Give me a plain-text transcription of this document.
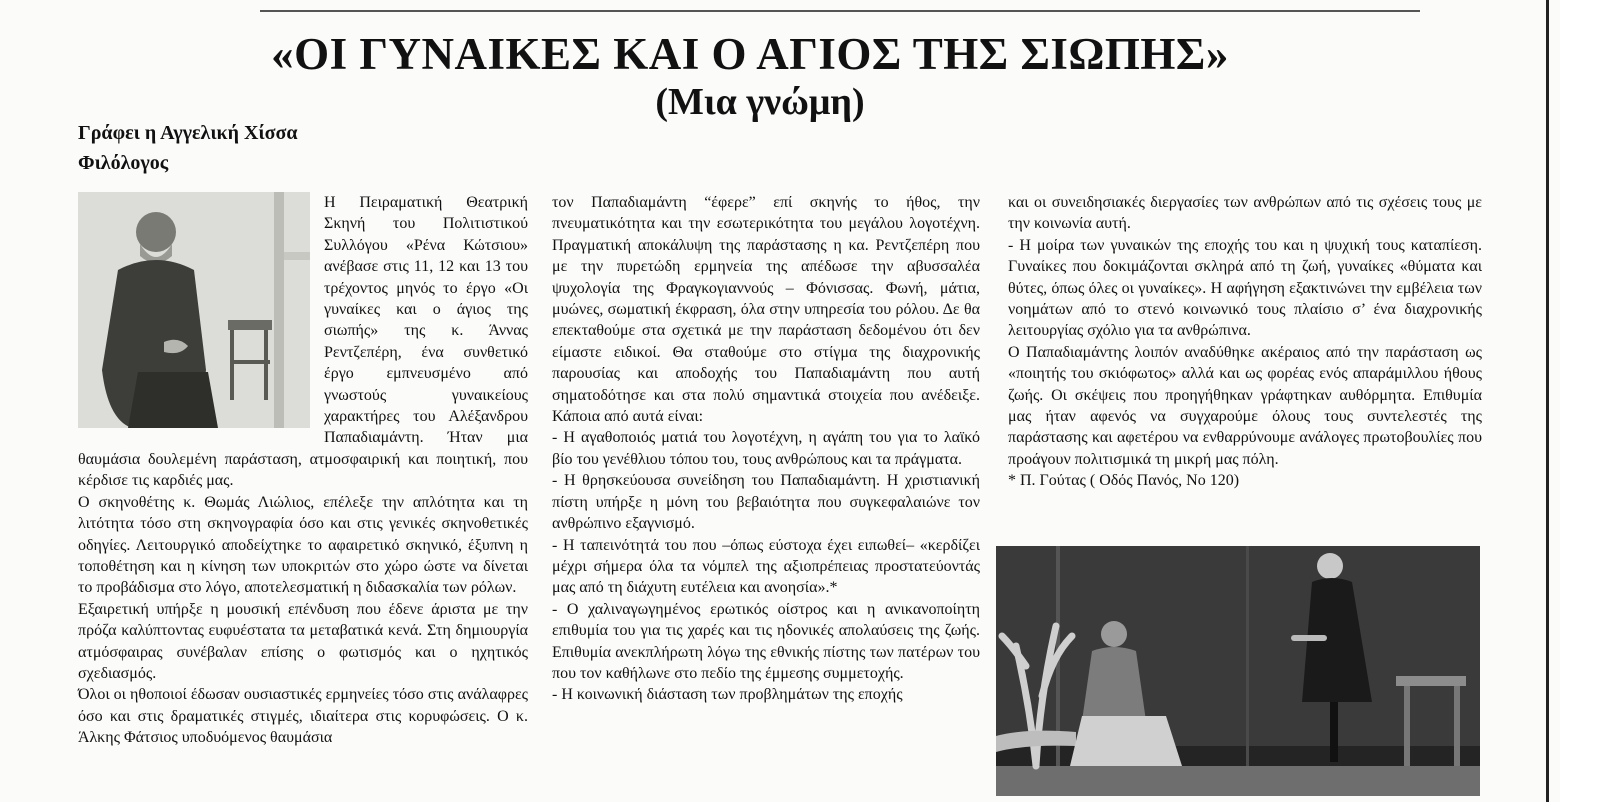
«ΟΙ ΓΥΝΑΙΚΕΣ ΚΑΙ Ο ΑΓΙΟΣ ΤΗΣ ΣΙΩΠΗΣ»
(Μια γνώμη)
Γράφει η Αγγελική Χίσσα
Φιλόλογος

Η Πειραματική Θεατρική Σκηνή του Πολιτιστικού Συλλόγου «Ρένα Κώτσιου» ανέβασε στις 11, 12 και 13 του τρέχοντος μηνός το έργο «Οι γυναίκες και ο άγιος της σιωπής» της κ. Άννας Ρεντζεπέρη, ένα συνθετικό έργο εμπνευσμένο από γνωστούς γυναικείους χαρακτήρες του Αλέξανδρου Παπαδιαμάντη. Ήταν μια θαυμάσια δουλεμένη παράσταση, ατμοσφαιρική και ποιητική, που κέρδισε τις καρδιές μας.

Ο σκηνοθέτης κ. Θωμάς Λιώλιος, επέλεξε την απλότητα και τη λιτότητα τόσο στη σκηνογραφία όσο και στις γενικές σκηνοθετικές οδηγίες. Λειτουργικό αποδείχτηκε το αφαιρετικό σκηνικό, έξυπνη η τοποθέτηση και η κίνηση των υποκριτών στο χώρο ώστε να δίνεται το προβάδισμα στο λόγο, αποτελεσματική η διδασκαλία των ρόλων.

Εξαιρετική υπήρξε η μουσική επένδυση που έδενε άριστα με την πρόζα καλύπτοντας ευφυέστατα τα μεταβατικά κενά. Στη δημιουργία ατμόσφαιρας συνέβαλαν επίσης ο φωτισμός και ο ηχητικός σχεδιασμός.

Όλοι οι ηθοποιοί έδωσαν ουσιαστικές ερμηνείες τόσο στις ανάλαφρες όσο και στις δραματικές στιγμές, ιδιαίτερα στις κορυφώσεις. Ο κ. Άλκης Φάτσιος υποδυόμενος θαυμάσια

τον Παπαδιαμάντη “έφερε” επί σκηνής το ήθος, την πνευματικότητα και την εσωτερικότητα του μεγάλου λογοτέχνη. Πραγματική αποκάλυψη της παράστασης η κα. Ρεντζεπέρη που με την πυρετώδη ερμηνεία της απέδωσε την αβυσσαλέα ψυχολογία της Φραγκογιαννούς – Φόνισσας. Φωνή, μάτια, μυώνες, σωματική έκφραση, όλα στην υπηρεσία του ρόλου. Δε θα επεκταθούμε στα σχετικά με την παράσταση δεδομένου ότι δεν είμαστε ειδικοί. Θα σταθούμε στο στίγμα της διαχρονικής παρουσίας και αποδοχής του Παπαδιαμάντη που αυτή σηματοδότησε και στα πολύ σημαντικά στοιχεία που ανέδειξε. Κάποια από αυτά είναι:

- Η αγαθοποιός ματιά του λογοτέχνη, η αγάπη του για το λαϊκό βίο του γενέθλιου τόπου του, τους ανθρώπους και τα πράγματα.

- Η θρησκεύουσα συνείδηση του Παπαδιαμάντη. Η χριστιανική πίστη υπήρξε η μόνη του βεβαιότητα που συγκεφαλαιώνε τον ανθρώπινο εξαγνισμό.

- Η ταπεινότητά του που –όπως εύστοχα έχει ειπωθεί– «κερδίζει μέχρι σήμερα όλα τα νόμπελ της αξιοπρέπειας προστατεύοντάς μας από τη διάχυτη ευτέλεια και ανοησία».*

- Ο χαλιναγωγημένος ερωτικός οίστρος και η ανικανοποίητη επιθυμία του για τις χαρές και τις ηδονικές απολαύσεις της ζωής. Επιθυμία ανεκπλήρωτη λόγω της εθνικής πίστης των πατέρων του που τον καθήλωνε στο πεδίο της έμμεσης συμμετοχής.

- Η κοινωνική διάσταση των προβλημάτων της εποχής

και οι συνειδησιακές διεργασίες των ανθρώπων από τις σχέσεις τους με την κοινωνία αυτή.

- Η μοίρα των γυναικών της εποχής του και η ψυχική τους καταπίεση. Γυναίκες που δοκιμάζονται σκληρά από τη ζωή, γυναίκες «θύματα και θύτες, όπως όλες οι γυναίκες». Η αφήγηση εξακτινώνει την εμβέλεια των νοημάτων από το στενό κοινωνικό τους πλαίσιο σ’ ένα διαχρονικής λειτουργίας σχόλιο για τα ανθρώπινα.

Ο Παπαδιαμάντης λοιπόν αναδύθηκε ακέραιος από την παράσταση ως «ποιητής του σκιόφωτος» αλλά και ως φορέας ενός απαράμιλλου ήθους ζωής. Οι σκέψεις που προηγήθηκαν γράφτηκαν αυθόρμητα. Επιθυμία μας ήταν αφενός να συγχαρούμε όλους τους συντελεστές της παράστασης και αφετέρου να ενθαρρύνουμε ανάλογες πρωτοβουλίες που προάγουν πολιτισμικά τη μικρή μας πόλη.

* Π. Γούτας ( Οδός Πανός, Νο 120)
